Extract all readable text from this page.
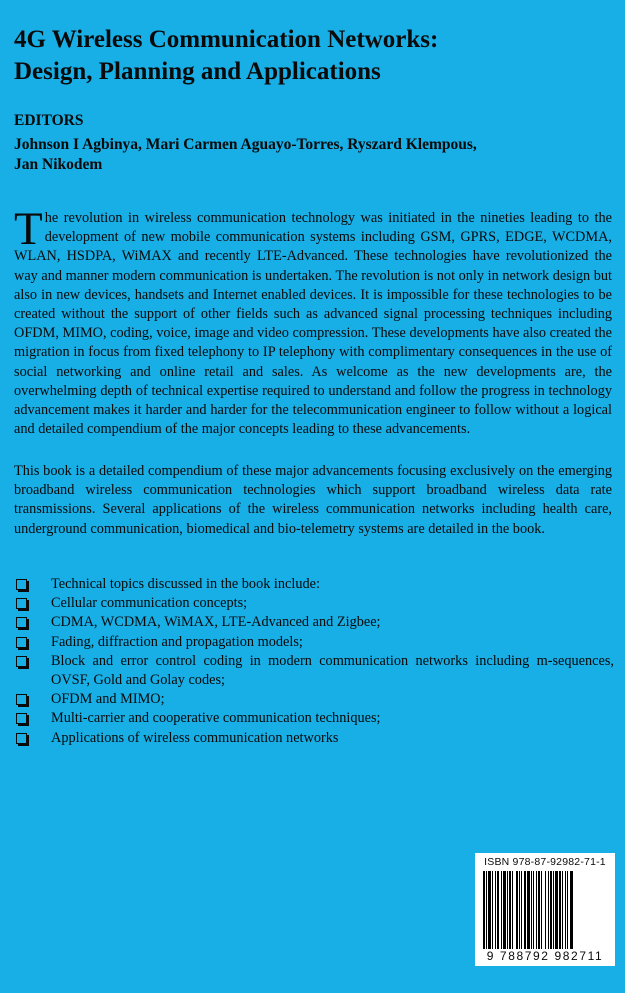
4G Wireless Communication Networks:
Design, Planning and Applications

EDITORS

Johnson I Agbinya, Mari Carmen Aguayo-Torres, Ryszard Klempous,
Jan Nikodem

The revolution in wireless communication technology was initiated in the nineties leading to the development of new mobile communication systems including GSM, GPRS, EDGE, WCDMA, WLAN, HSDPA, WiMAX and recently LTE-Advanced. These technologies have revolutionized the way and manner modern communication is undertaken. The revolution is not only in network design but also in new devices, handsets and Internet enabled devices. It is impossible for these technologies to be created without the support of other fields such as advanced signal processing techniques including OFDM, MIMO, coding, voice, image and video compression. These developments have also created the migration in focus from fixed telephony to IP telephony with complimentary consequences in the use of social networking and online retail and sales. As welcome as the new developments are, the overwhelming depth of technical expertise required to understand and follow the progress in technology advancement makes it harder and harder for the telecommunication engineer to follow without a logical and detailed compendium of the major concepts leading to these advancements.

This book is a detailed compendium of these major advancements focusing exclusively on the emerging broadband wireless communication technologies which support broadband wireless data rate transmissions. Several applications of the wireless communication networks including health care, underground communication, biomedical and bio-telemetry systems are detailed in the book.

Technical topics discussed in the book include:
Cellular communication concepts;
CDMA, WCDMA, WiMAX, LTE-Advanced and Zigbee;
Fading, diffraction and propagation models;
Block and error control coding in modern communication networks including m-sequences, OVSF, Gold and Golay codes;
OFDM and MIMO;
Multi-carrier and cooperative communication techniques;
Applications of wireless communication networks
ISBN 978-87-92982-71-1
9 788792 982711
